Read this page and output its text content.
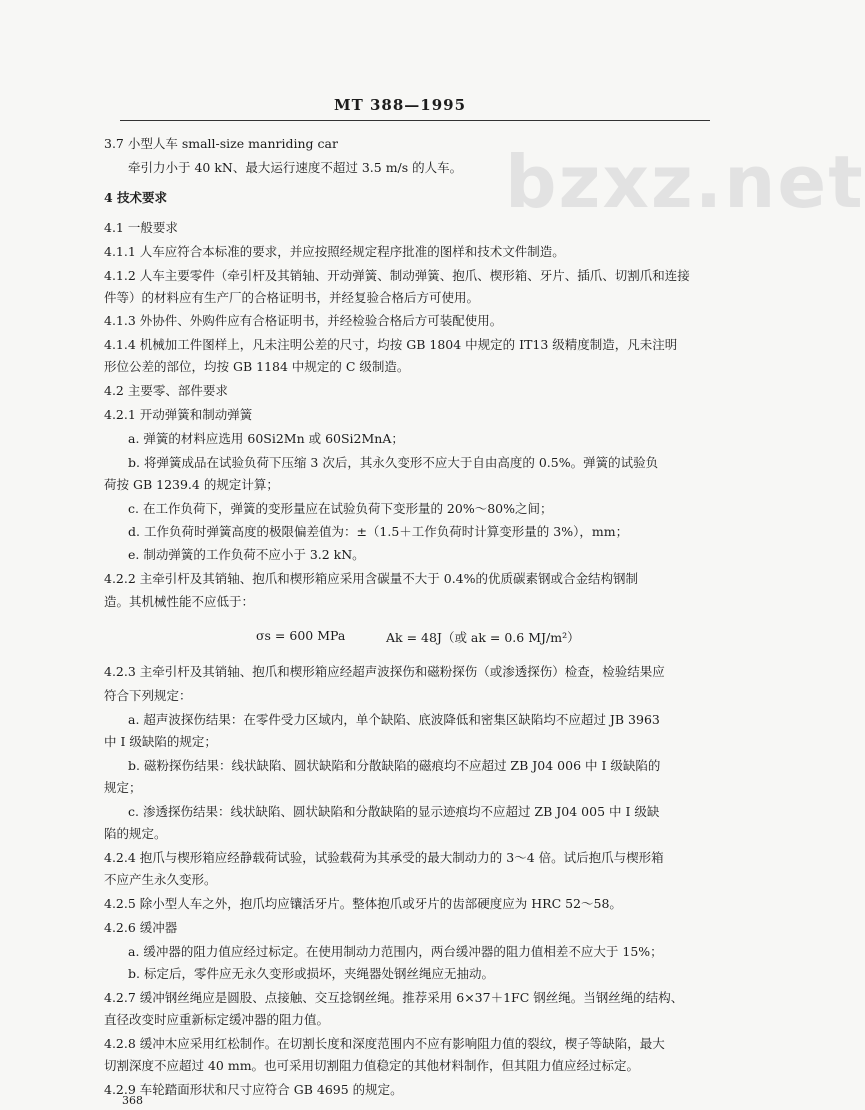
MT 388—1995
bzxz.net
3.7 小型人车 small-size manriding car
牵引力小于 40 kN、最大运行速度不超过 3.5 m/s 的人车。
4 技术要求
4.1 一般要求
4.1.1 人车应符合本标准的要求，并应按照经规定程序批准的图样和技术文件制造。
4.1.2 人车主要零件（牵引杆及其销轴、开动弹簧、制动弹簧、抱爪、楔形箱、牙片、插爪、切割爪和连接
件等）的材料应有生产厂的合格证明书，并经复验合格后方可使用。
4.1.3 外协件、外购件应有合格证明书，并经检验合格后方可装配使用。
4.1.4 机械加工件图样上，凡未注明公差的尺寸，均按 GB 1804 中规定的 IT13 级精度制造，凡未注明
形位公差的部位，均按 GB 1184 中规定的 C 级制造。
4.2 主要零、部件要求
4.2.1 开动弹簧和制动弹簧
a. 弹簧的材料应选用 60Si2Mn 或 60Si2MnA；
b. 将弹簧成品在试验负荷下压缩 3 次后，其永久变形不应大于自由高度的 0.5%。弹簧的试验负
荷按 GB 1239.4 的规定计算；
c. 在工作负荷下，弹簧的变形量应在试验负荷下变形量的 20%～80%之间；
d. 工作负荷时弹簧高度的极限偏差值为：±（1.5＋工作负荷时计算变形量的 3%），mm；
e. 制动弹簧的工作负荷不应小于 3.2 kN。
4.2.2 主牵引杆及其销轴、抱爪和楔形箱应采用含碳量不大于 0.4%的优质碳素钢或合金结构钢制
造。其机械性能不应低于：
σs = 600 MPa	Ak = 48J（或 ak = 0.6 MJ/m²）
4.2.3 主牵引杆及其销轴、抱爪和楔形箱应经超声波探伤和磁粉探伤（或渗透探伤）检查，检验结果应
符合下列规定：
a. 超声波探伤结果：在零件受力区域内，单个缺陷、底波降低和密集区缺陷均不应超过 JB 3963
中 I 级缺陷的规定；
b. 磁粉探伤结果：线状缺陷、圆状缺陷和分散缺陷的磁痕均不应超过 ZB J04 006 中 I 级缺陷的
规定；
c. 渗透探伤结果：线状缺陷、圆状缺陷和分散缺陷的显示迹痕均不应超过 ZB J04 005 中 I 级缺
陷的规定。
4.2.4 抱爪与楔形箱应经静载荷试验，试验载荷为其承受的最大制动力的 3～4 倍。试后抱爪与楔形箱
不应产生永久变形。
4.2.5 除小型人车之外，抱爪均应镶活牙片。整体抱爪或牙片的齿部硬度应为 HRC 52～58。
4.2.6 缓冲器
a. 缓冲器的阻力值应经过标定。在使用制动力范围内，两台缓冲器的阻力值相差不应大于 15%；
b. 标定后，零件应无永久变形或损坏，夹绳器处钢丝绳应无抽动。
4.2.7 缓冲钢丝绳应是圆股、点接触、交互捻钢丝绳。推荐采用 6×37＋1FC 钢丝绳。当钢丝绳的结构、
直径改变时应重新标定缓冲器的阻力值。
4.2.8 缓冲木应采用红松制作。在切割长度和深度范围内不应有影响阻力值的裂纹，楔子等缺陷，最大
切割深度不应超过 40 mm。也可采用切割阻力值稳定的其他材料制作，但其阻力值应经过标定。
4.2.9 车轮踏面形状和尺寸应符合 GB 4695 的规定。
368
